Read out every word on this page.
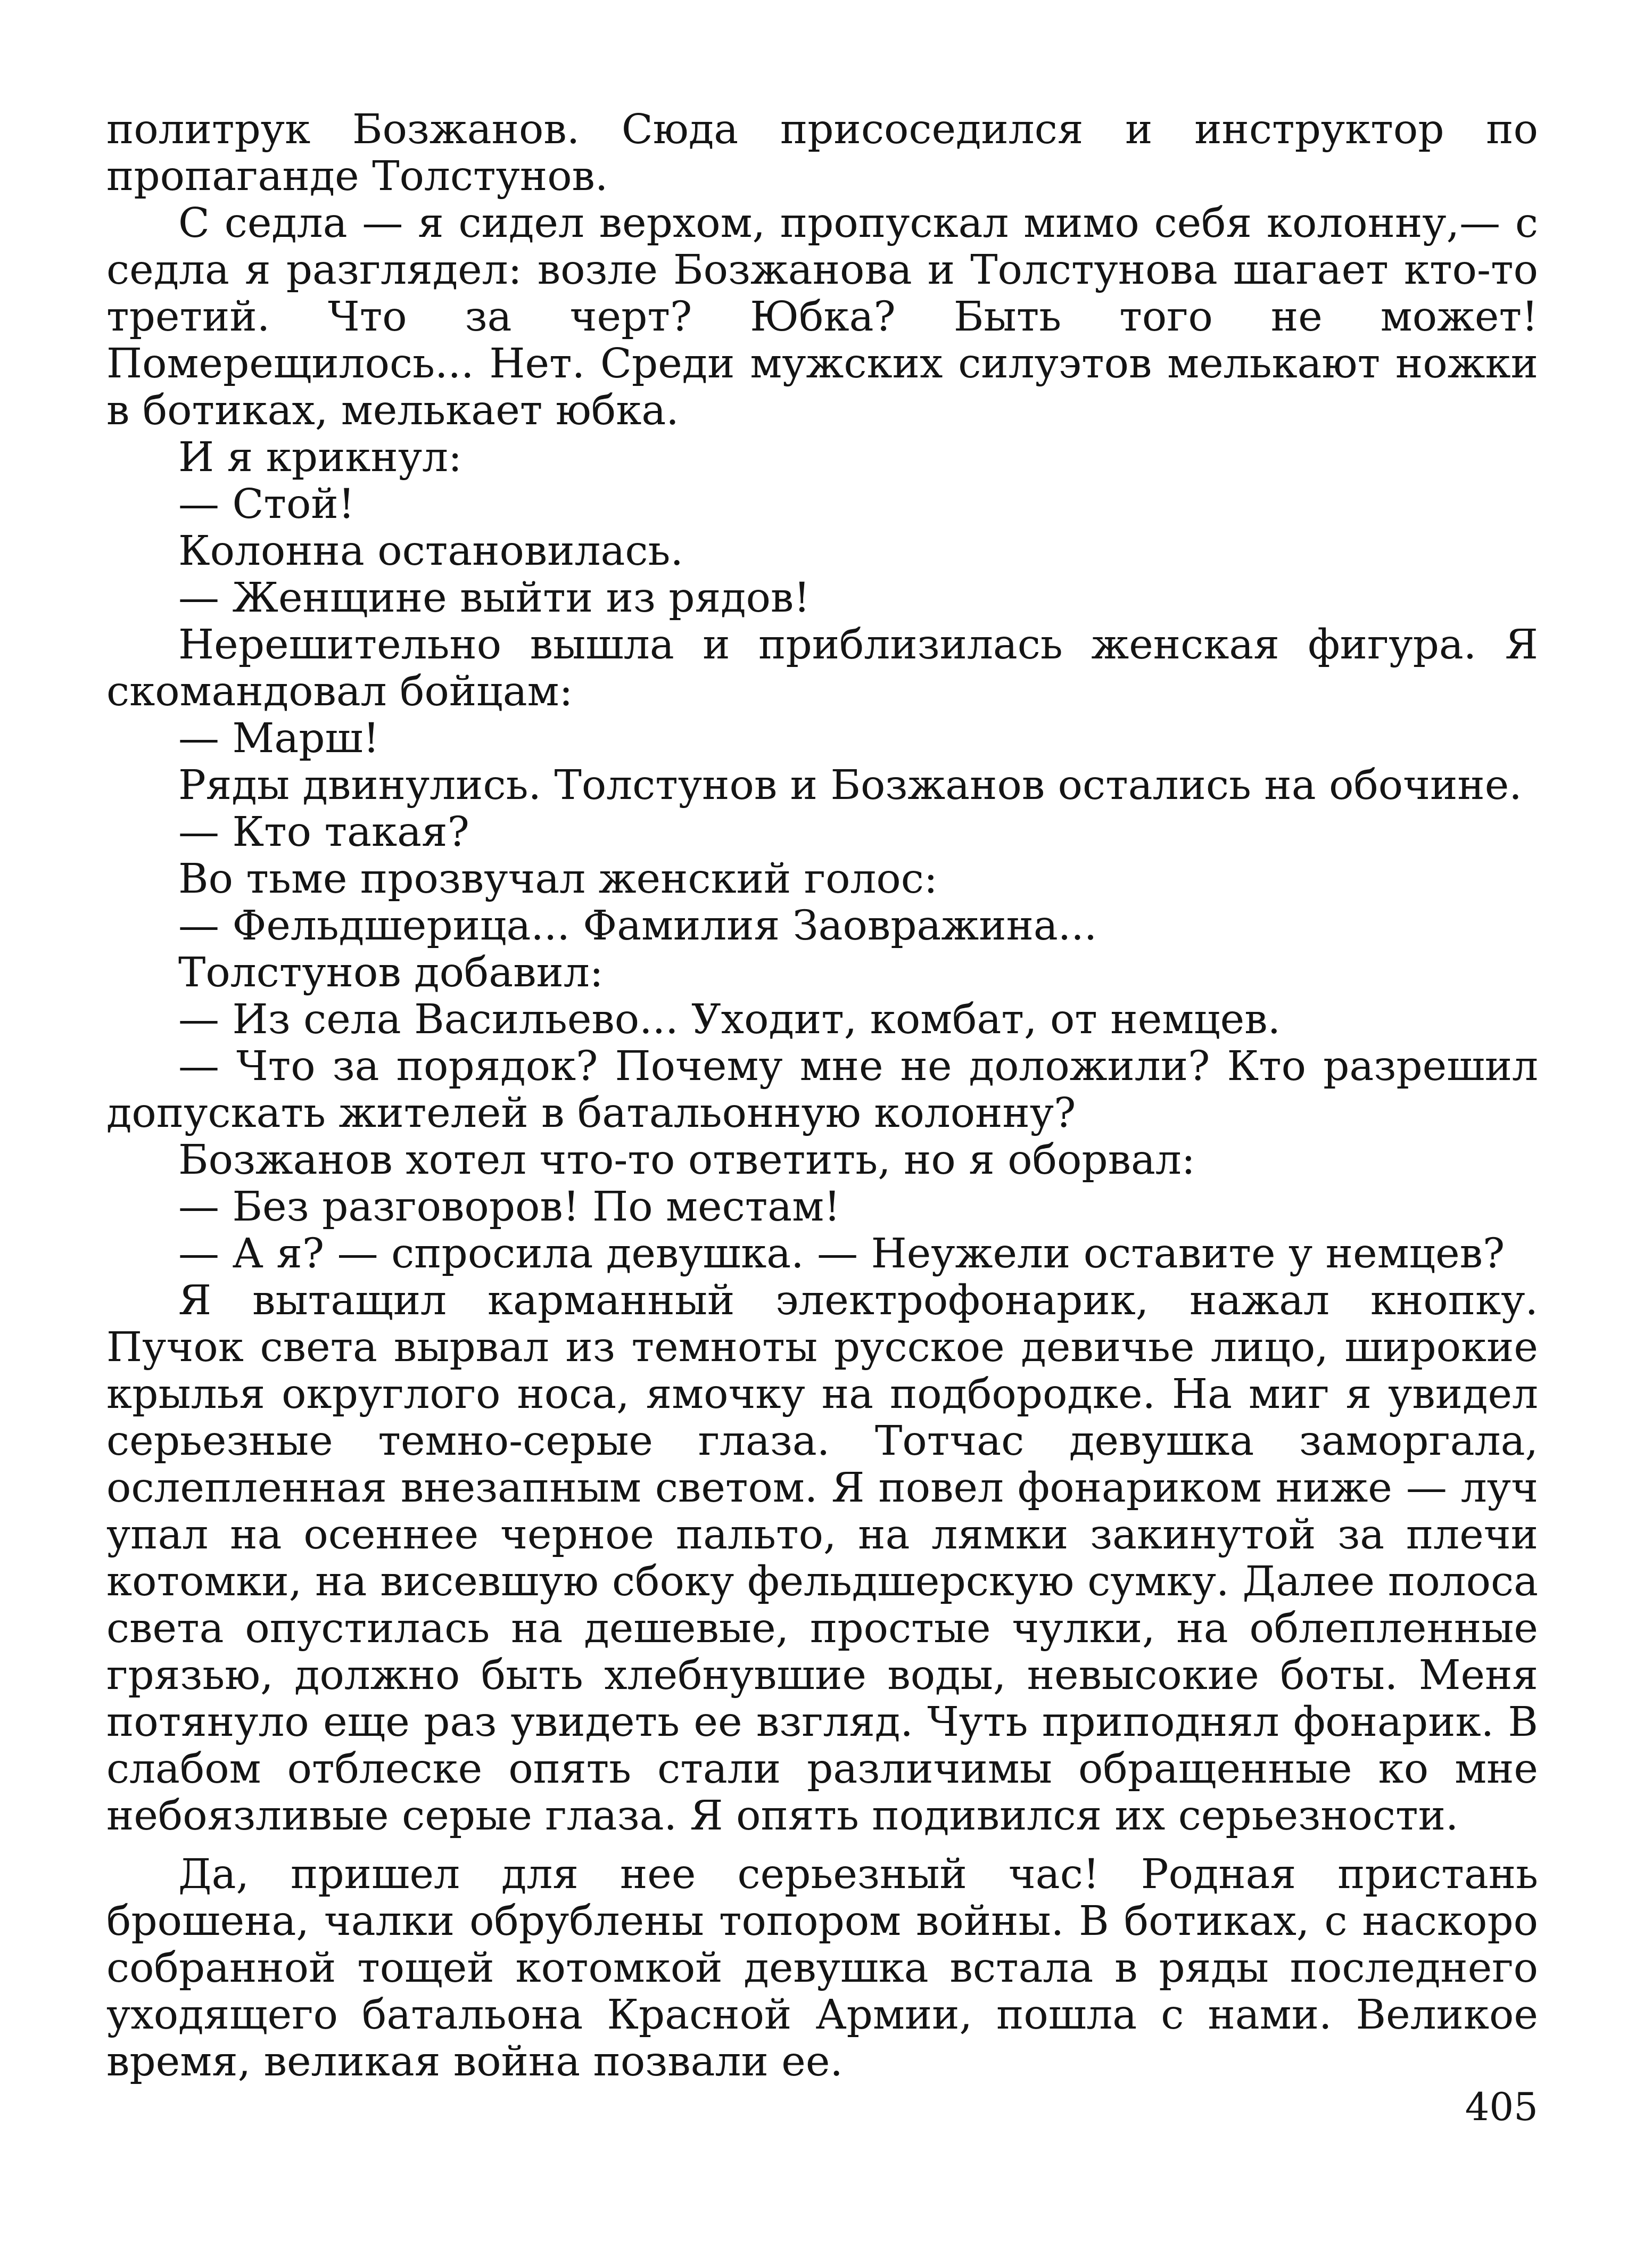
политрук Бозжанов. Сюда присоседился и инструктор по пропаганде Толстунов.

С седла — я сидел верхом, пропускал мимо себя колонну,— с седла я разглядел: возле Бозжанова и Толстунова шагает кто-то третий. Что за черт? Юбка? Быть того не может! Померещилось... Нет. Среди мужских силуэтов мелькают ножки в ботиках, мелькает юбка.

И я крикнул:

— Стой!

Колонна остановилась.

— Женщине выйти из рядов!

Нерешительно вышла и приблизилась женская фигура. Я скомандовал бойцам:

— Марш!

Ряды двинулись. Толстунов и Бозжанов остались на обочине.

— Кто такая?

Во тьме прозвучал женский голос:

— Фельдшерица... Фамилия Заовражина...

Толстунов добавил:

— Из села Васильево... Уходит, комбат, от немцев.

— Что за порядок? Почему мне не доложили? Кто разрешил допускать жителей в батальонную колонну?

Бозжанов хотел что-то ответить, но я оборвал:

— Без разговоров! По местам!

— А я? — спросила девушка. — Неужели оставите у немцев?

Я вытащил карманный электрофонарик, нажал кнопку. Пучок света вырвал из темноты русское девичье лицо, широкие крылья округлого носа, ямочку на подбородке. На миг я увидел серьезные темно-серые глаза. Тотчас девушка заморгала, ослепленная внезапным светом. Я повел фонариком ниже — луч упал на осеннее черное пальто, на лямки закинутой за плечи котомки, на висевшую сбоку фельдшерскую сумку. Далее полоса света опустилась на дешевые, простые чулки, на облепленные грязью, должно быть хлебнувшие воды, невысокие боты. Меня потянуло еще раз увидеть ее взгляд. Чуть приподнял фонарик. В слабом отблеске опять стали различимы обращенные ко мне небоязливые серые глаза. Я опять подивился их серьезности.

Да, пришел для нее серьезный час! Родная пристань брошена, чалки обрублены топором войны. В ботиках, с наскоро собранной тощей котомкой девушка встала в ряды последнего уходящего батальона Красной Армии, пошла с нами. Великое время, великая война позвали ее.

405
